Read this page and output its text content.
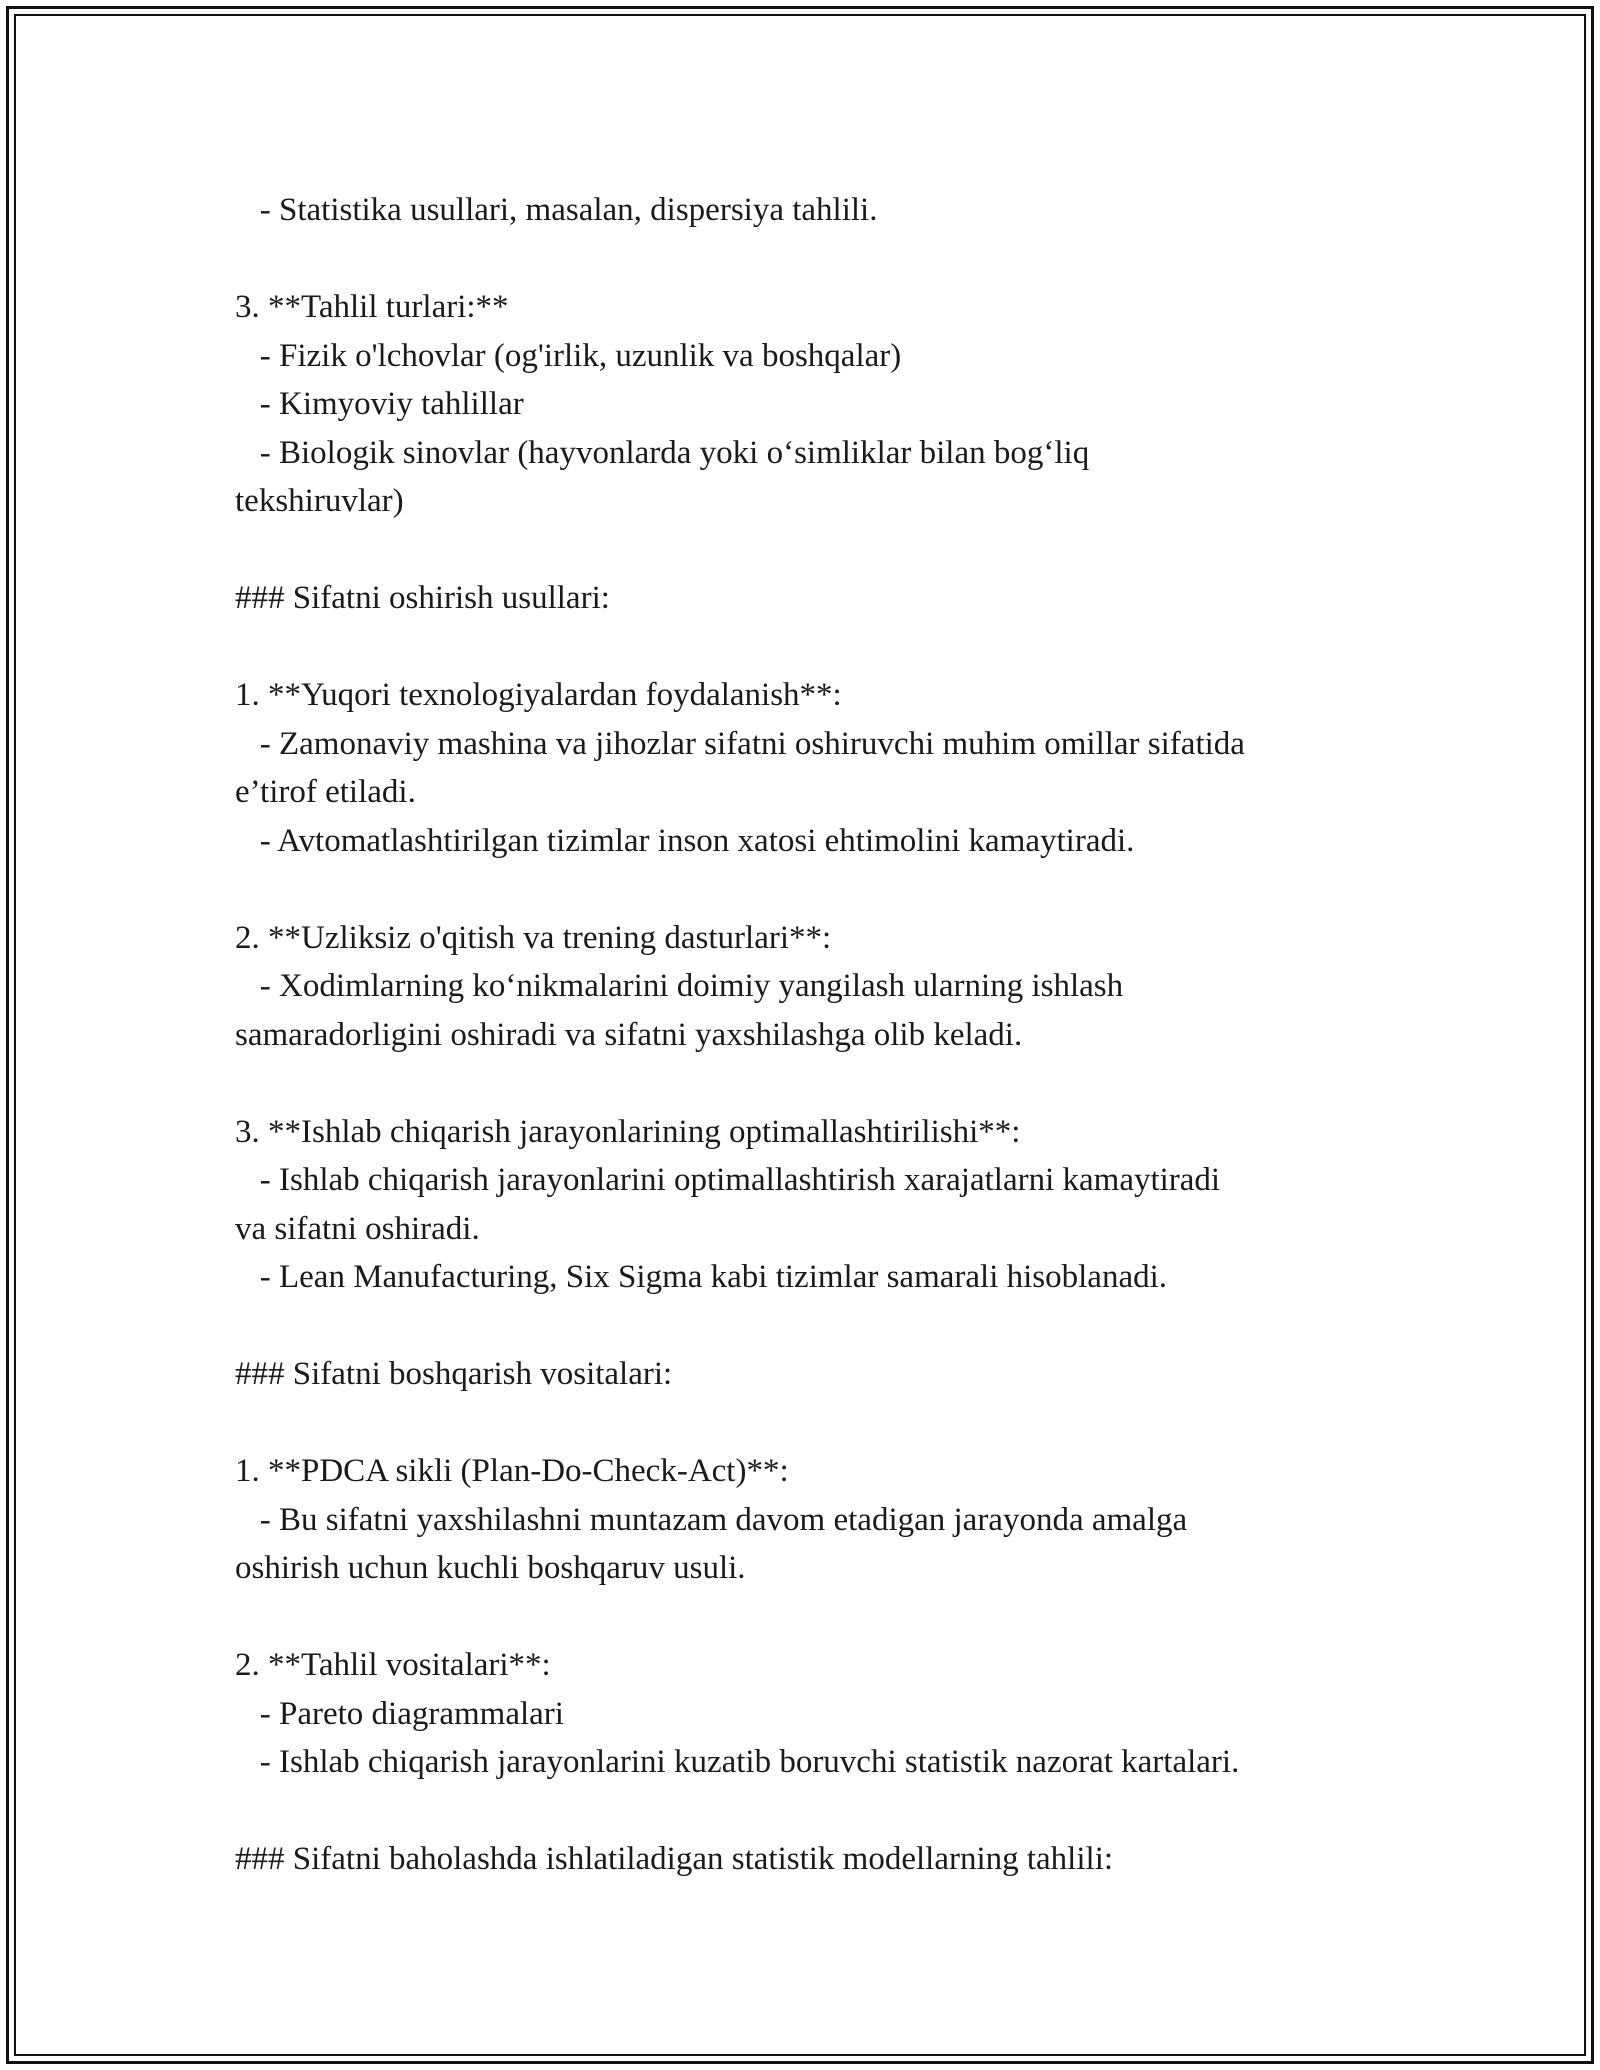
- Statistika usullari, masalan, dispersiya tahlili.
3. **Tahlil turlari:**
- Fizik o'lchovlar (og'irlik, uzunlik va boshqalar)
- Kimyoviy tahlillar
- Biologik sinovlar (hayvonlarda yoki o‘simliklar bilan bog‘liq
tekshiruvlar)
### Sifatni oshirish usullari:
1. **Yuqori texnologiyalardan foydalanish**:
- Zamonaviy mashina va jihozlar sifatni oshiruvchi muhim omillar sifatida
e’tirof etiladi.
- Avtomatlashtirilgan tizimlar inson xatosi ehtimolini kamaytiradi.
2. **Uzliksiz o'qitish va trening dasturlari**:
- Xodimlarning ko‘nikmalarini doimiy yangilash ularning ishlash
samaradorligini oshiradi va sifatni yaxshilashga olib keladi.
3. **Ishlab chiqarish jarayonlarining optimallashtirilishi**:
- Ishlab chiqarish jarayonlarini optimallashtirish xarajatlarni kamaytiradi
va sifatni oshiradi.
- Lean Manufacturing, Six Sigma kabi tizimlar samarali hisoblanadi.
### Sifatni boshqarish vositalari:
1. **PDCA sikli (Plan-Do-Check-Act)**:
- Bu sifatni yaxshilashni muntazam davom etadigan jarayonda amalga
oshirish uchun kuchli boshqaruv usuli.
2. **Tahlil vositalari**:
- Pareto diagrammalari
- Ishlab chiqarish jarayonlarini kuzatib boruvchi statistik nazorat kartalari.
### Sifatni baholashda ishlatiladigan statistik modellarning tahlili:
